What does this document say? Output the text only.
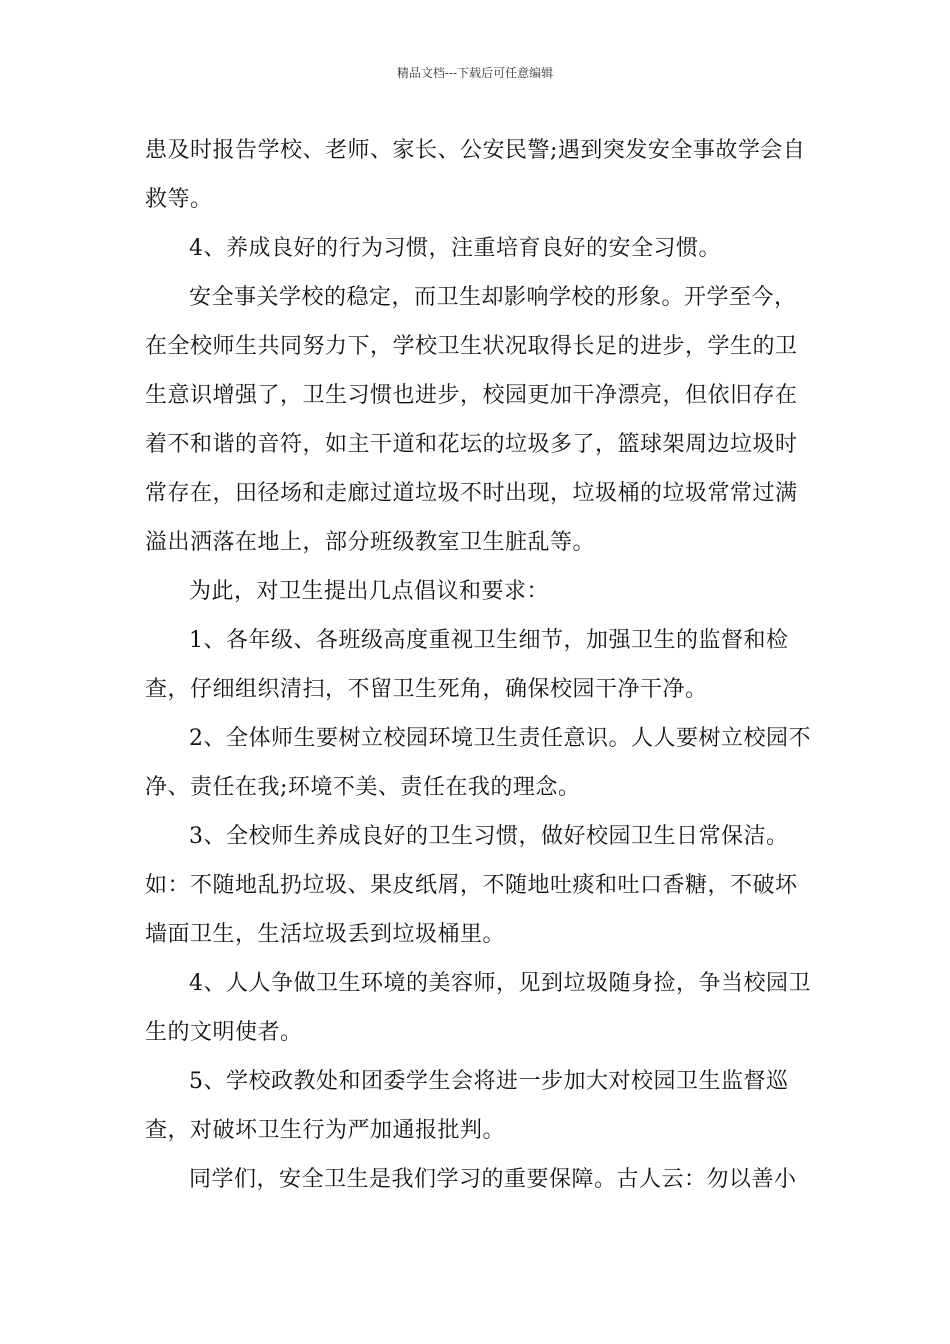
精品文档---下载后可任意编辑

患及时报告学校、老师、家长、公安民警;遇到突发安全事故学会自救等。

4、养成良好的行为习惯，注重培育良好的安全习惯。

安全事关学校的稳定，而卫生却影响学校的形象。开学至今，在全校师生共同努力下，学校卫生状况取得长足的进步，学生的卫生意识增强了，卫生习惯也进步，校园更加干净漂亮，但依旧存在着不和谐的音符，如主干道和花坛的垃圾多了，篮球架周边垃圾时常存在，田径场和走廊过道垃圾不时出现，垃圾桶的垃圾常常过满溢出洒落在地上，部分班级教室卫生脏乱等。

为此，对卫生提出几点倡议和要求：

1、各年级、各班级高度重视卫生细节，加强卫生的监督和检查，仔细组织清扫，不留卫生死角，确保校园干净干净。

2、全体师生要树立校园环境卫生责任意识。人人要树立校园不净、责任在我;环境不美、责任在我的理念。

3、全校师生养成良好的卫生习惯，做好校园卫生日常保洁。如：不随地乱扔垃圾、果皮纸屑，不随地吐痰和吐口香糖，不破坏墙面卫生，生活垃圾丢到垃圾桶里。

4、人人争做卫生环境的美容师，见到垃圾随身捡，争当校园卫生的文明使者。

5、学校政教处和团委学生会将进一步加大对校园卫生监督巡查，对破坏卫生行为严加通报批判。

同学们，安全卫生是我们学习的重要保障。古人云：勿以善小
